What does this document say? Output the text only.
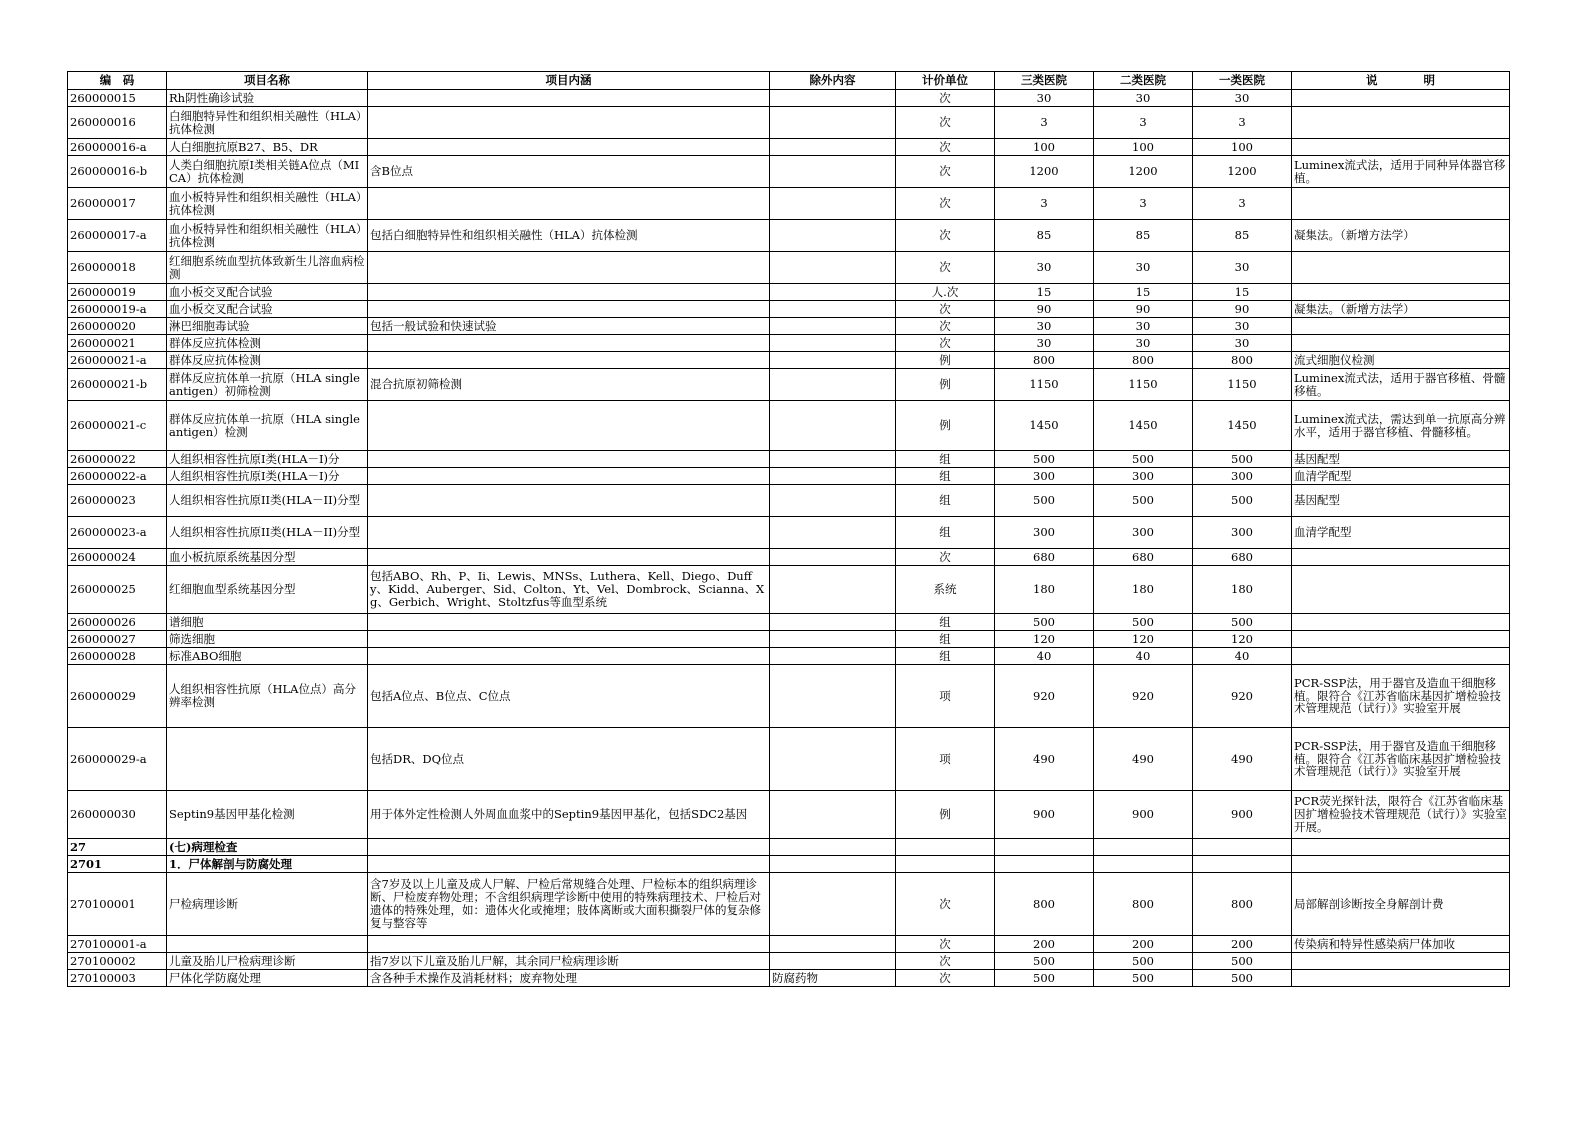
编　码	项目名称	项目内涵	除外内容	计价单位	三类医院	二类医院	一类医院	说　　　　明
260000015	Rh阴性确诊试验			次	30	30	30	
260000016	白细胞特异性和组织相关融性（HLA）抗体检测			次	3	3	3	
260000016-a	人白细胞抗原B27、B5、DR			次	100	100	100	
260000016-b	人类白细胞抗原I类相关链A位点（MICA）抗体检测	含B位点		次	1200	1200	1200	Luminex流式法，适用于同种异体器官移植。
260000017	血小板特异性和组织相关融性（HLA）抗体检测			次	3	3	3	
260000017-a	血小板特异性和组织相关融性（HLA）抗体检测	包括白细胞特异性和组织相关融性（HLA）抗体检测		次	85	85	85	凝集法。（新增方法学）
260000018	红细胞系统血型抗体致新生儿溶血病检测			次	30	30	30	
260000019	血小板交叉配合试验			人.次	15	15	15	
260000019-a	血小板交叉配合试验			次	90	90	90	凝集法。（新增方法学）
260000020	淋巴细胞毒试验	包括一般试验和快速试验		次	30	30	30	
260000021	群体反应抗体检测			次	30	30	30	
260000021-a	群体反应抗体检测			例	800	800	800	流式细胞仪检测
260000021-b	群体反应抗体单一抗原（HLA single antigen）初筛检测	混合抗原初筛检测		例	1150	1150	1150	Luminex流式法，适用于器官移植、骨髓移植。
260000021-c	群体反应抗体单一抗原（HLA single antigen）检测			例	1450	1450	1450	Luminex流式法，需达到单一抗原高分辨水平，适用于器官移植、骨髓移植。
260000022	人组织相容性抗原I类(HLA－I)分			组	500	500	500	基因配型
260000022-a	人组织相容性抗原I类(HLA－I)分			组	300	300	300	血清学配型
260000023	人组织相容性抗原II类(HLA－II)分型			组	500	500	500	基因配型
260000023-a	人组织相容性抗原II类(HLA－II)分型			组	300	300	300	血清学配型
260000024	血小板抗原系统基因分型			次	680	680	680	
260000025	红细胞血型系统基因分型	包括ABO、Rh、P、Ii、Lewis、MNSs、Luthera、Kell、Diego、Duffy、Kidd、Auberger、Sid、Colton、Yt、Vel、Dombrock、Scianna、Xg、Gerbich、Wright、Stoltzfus等血型系统		系统	180	180	180	
260000026	谱细胞			组	500	500	500	
260000027	筛选细胞			组	120	120	120	
260000028	标准ABO细胞			组	40	40	40	
260000029	人组织相容性抗原（HLA位点）高分辨率检测	包括A位点、B位点、C位点		项	920	920	920	PCR-SSP法，用于器官及造血干细胞移植。限符合《江苏省临床基因扩增检验技术管理规范（试行）》实验室开展
260000029-a		包括DR、DQ位点		项	490	490	490	PCR-SSP法，用于器官及造血干细胞移植。限符合《江苏省临床基因扩增检验技术管理规范（试行）》实验室开展
260000030	Septin9基因甲基化检测	用于体外定性检测人外周血血浆中的Septin9基因甲基化，包括SDC2基因		例	900	900	900	PCR荧光探针法，限符合《江苏省临床基因扩增检验技术管理规范（试行）》实验室开展。
27	(七)病理检查							
2701	1．尸体解剖与防腐处理							
270100001	尸检病理诊断	含7岁及以上儿童及成人尸解、尸检后常规缝合处理、尸检标本的组织病理诊断、尸检废弃物处理；不含组织病理学诊断中使用的特殊病理技术、尸检后对遗体的特殊处理，如：遗体火化或掩埋；肢体离断或大面积撕裂尸体的复杂修复与整容等		次	800	800	800	局部解剖诊断按全身解剖计费
270100001-a				次	200	200	200	传染病和特异性感染病尸体加收
270100002	儿童及胎儿尸检病理诊断	指7岁以下儿童及胎儿尸解，其余同尸检病理诊断		次	500	500	500	
270100003	尸体化学防腐处理	含各种手术操作及消耗材料；废弃物处理	防腐药物	次	500	500	500	
